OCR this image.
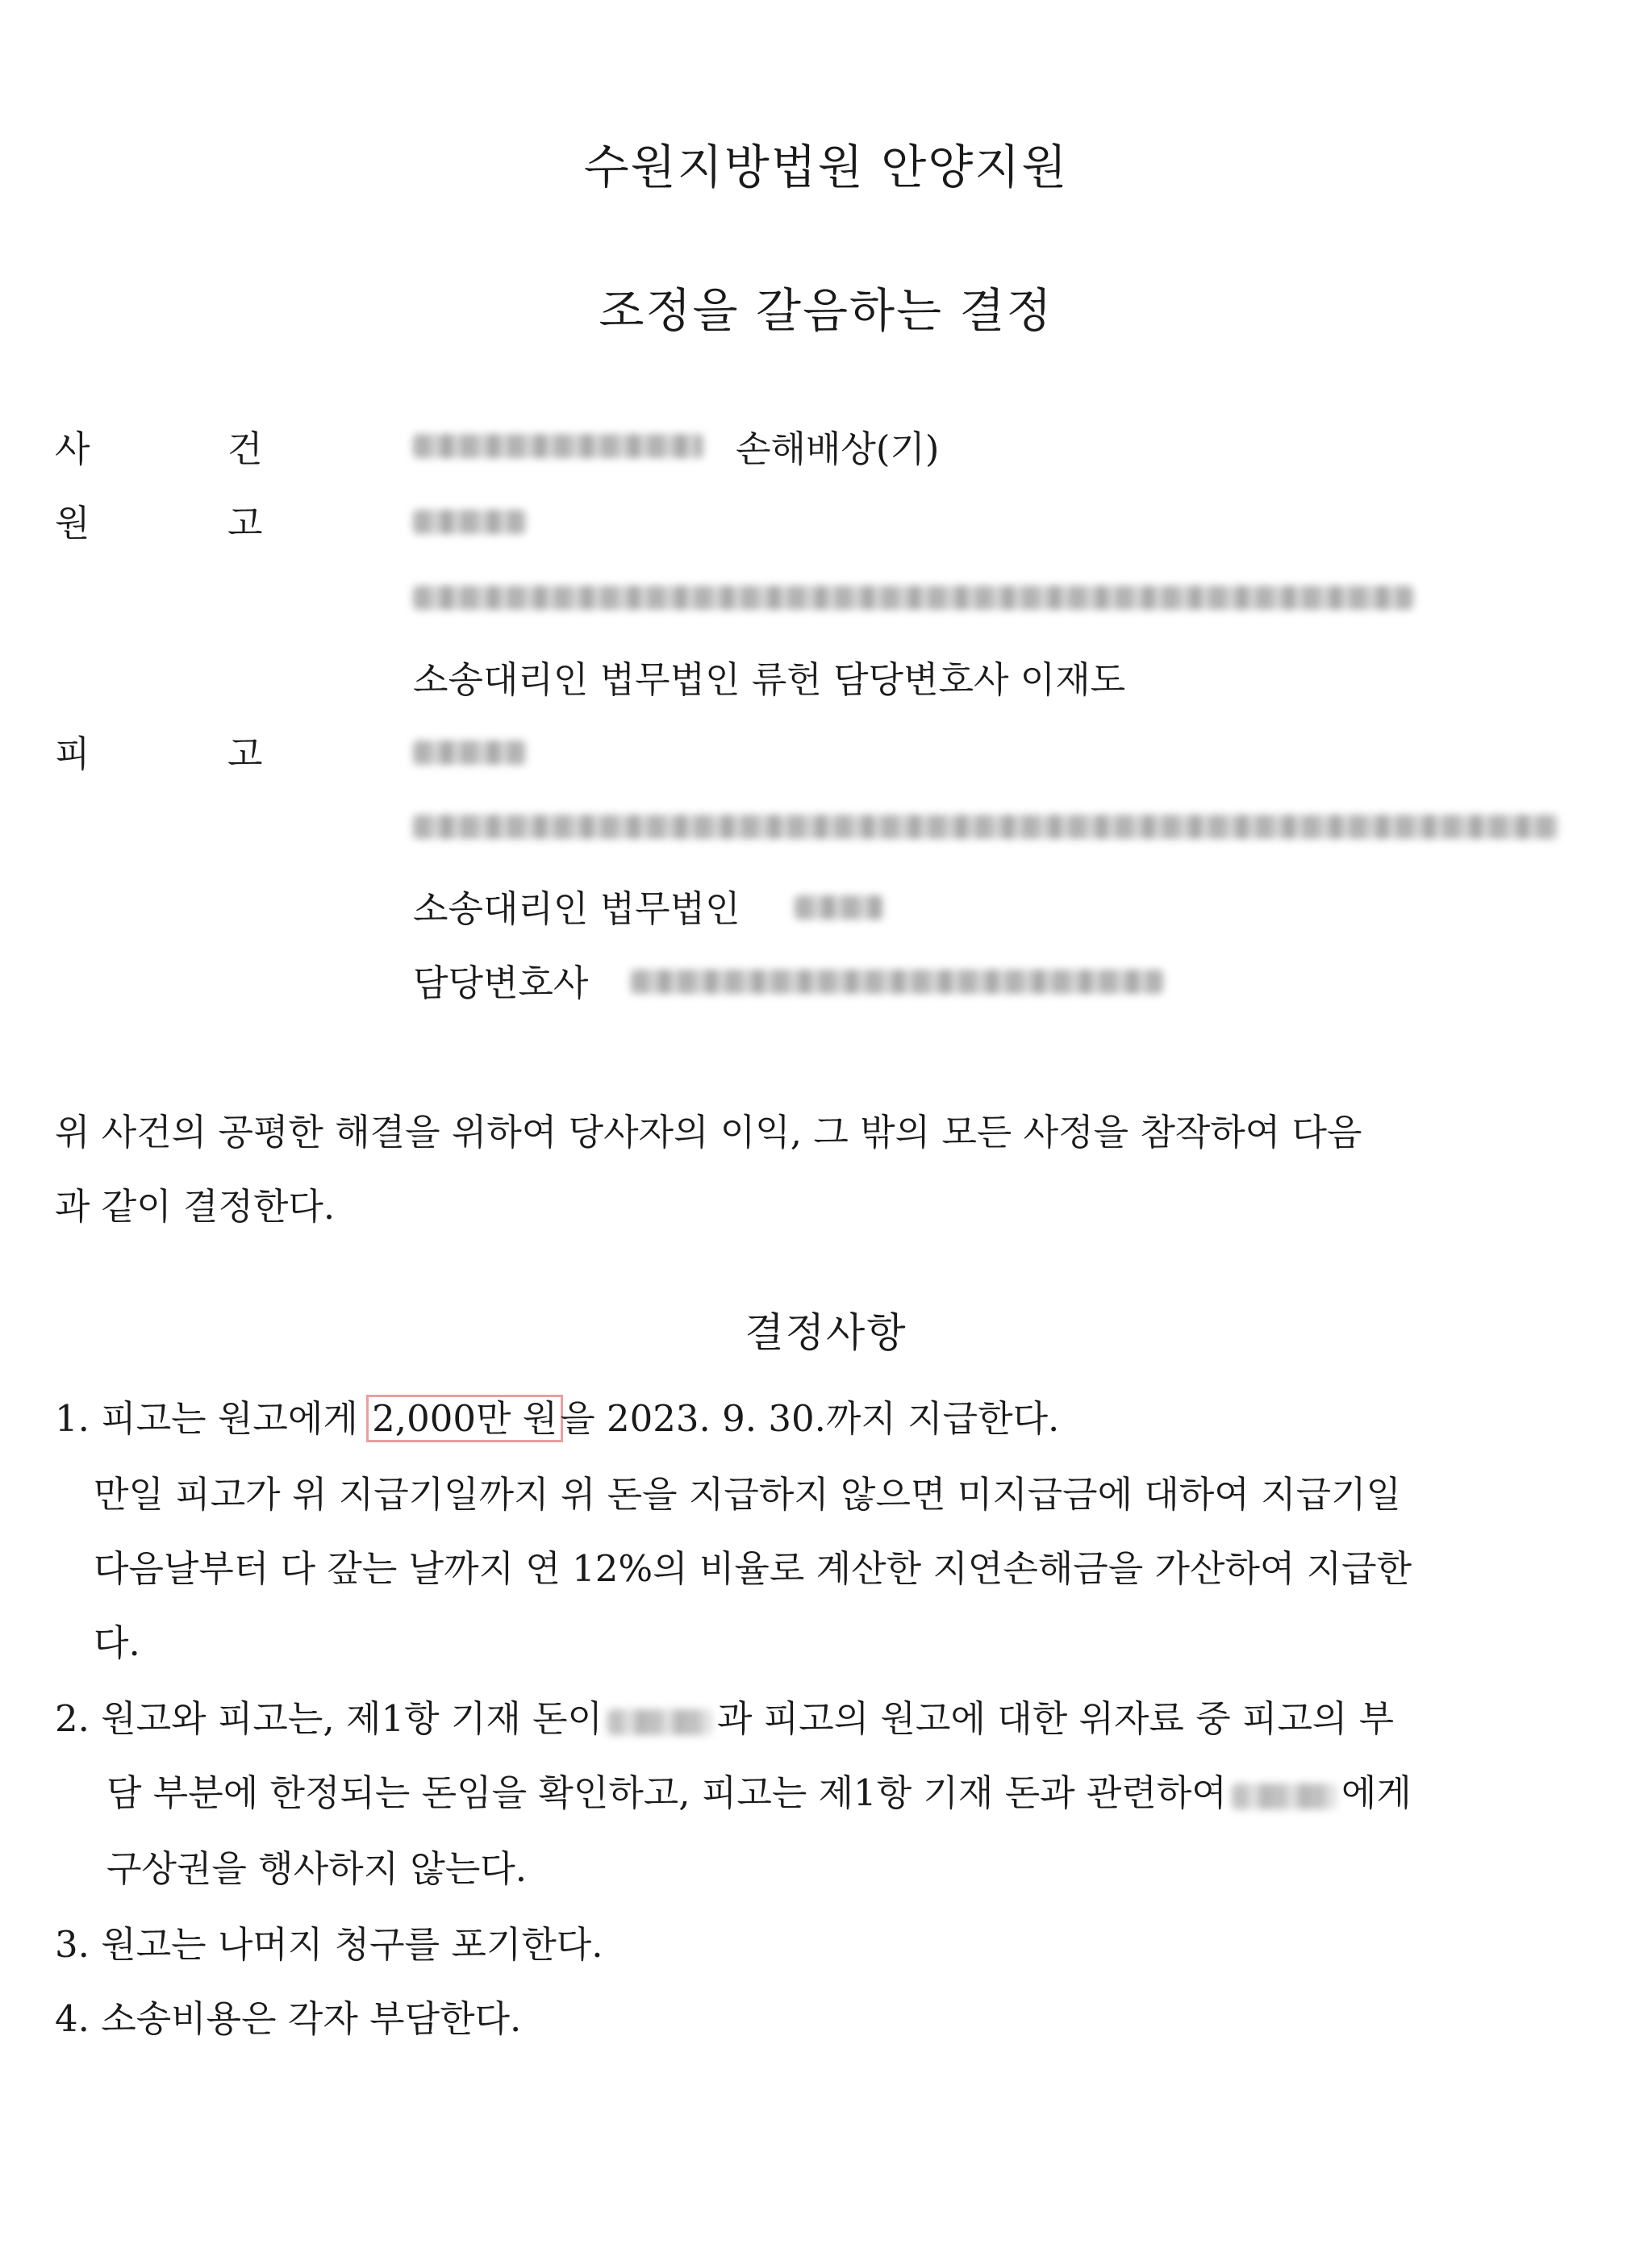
수원지방법원 안양지원
조정을 갈음하는 결정
사	건	손해배상(기)
원	고
소송대리인 법무법인 류헌 담당변호사 이재도
피	고
소송대리인 법무법인
담당변호사
위 사건의 공평한 해결을 위하여 당사자의 이익, 그 밖의 모든 사정을 참작하여 다음
과 같이 결정한다.
결정사항
1. 피고는 원고에게 2,000만 원을 2023. 9. 30.까지 지급한다.
만일 피고가 위 지급기일까지 위 돈을 지급하지 않으면 미지급금에 대하여 지급기일
다음날부터 다 갚는 날까지 연 12%의 비율로 계산한 지연손해금을 가산하여 지급한
다.
2. 원고와 피고는, 제1항 기재 돈이	과 피고의 원고에 대한 위자료 중 피고의 부
담 부분에 한정되는 돈임을 확인하고, 피고는 제1항 기재 돈과 관련하여	에게
구상권을 행사하지 않는다.
3. 원고는 나머지 청구를 포기한다.
4. 소송비용은 각자 부담한다.
